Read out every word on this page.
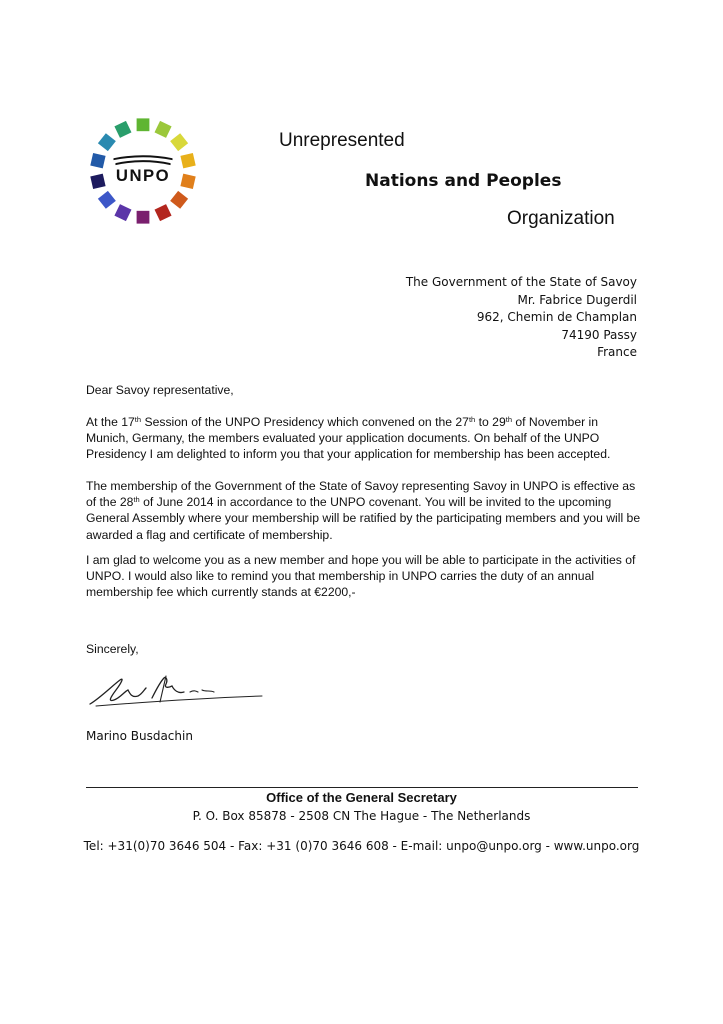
UNPO
Unrepresented
Nations and Peoples
Organization
The Government of the State of Savoy
Mr. Fabrice Dugerdil
962, Chemin de Champlan
74190 Passy
France

Dear Savoy representative,

At the 17th Session of the UNPO Presidency which convened on the 27th to 29th of November in Munich, Germany, the members evaluated your application documents. On behalf of the UNPO Presidency I am delighted to inform you that your application for membership has been accepted.

The membership of the Government of the State of Savoy representing Savoy in UNPO is effective as of the 28th of June 2014 in accordance to the UNPO covenant. You will be invited to the upcoming General Assembly where your membership will be ratified by the participating members and you will be awarded a flag and certificate of membership.

I am glad to welcome you as a new member and hope you will be able to participate in the activities of UNPO. I would also like to remind you that membership in UNPO carries the duty of an annual membership fee which currently stands at €2200,-

Sincerely,

Marino Busdachin
Office of the General Secretary
P. O. Box 85878 - 2508 CN The Hague - The Netherlands
Tel: +31(0)70 3646 504 - Fax: +31 (0)70 3646 608 - E-mail: unpo@unpo.org - www.unpo.org
